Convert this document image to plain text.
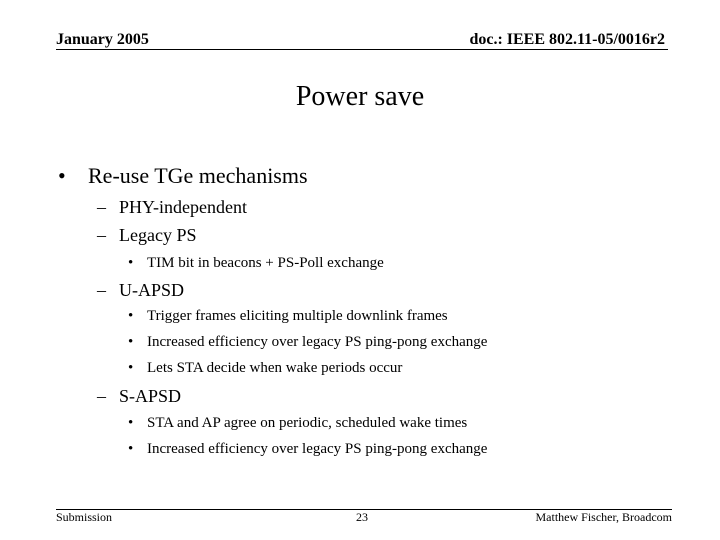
January 2005	doc.: IEEE 802.11-05/0016r2
Power save
• Re-use TGe mechanisms
– PHY-independent
– Legacy PS
• TIM bit in beacons + PS-Poll exchange
– U-APSD
• Trigger frames eliciting multiple downlink frames
• Increased efficiency over legacy PS ping-pong exchange
• Lets STA decide when wake periods occur
– S-APSD
• STA and AP agree on periodic, scheduled wake times
• Increased efficiency over legacy PS ping-pong exchange
Submission	23	Matthew Fischer, Broadcom
